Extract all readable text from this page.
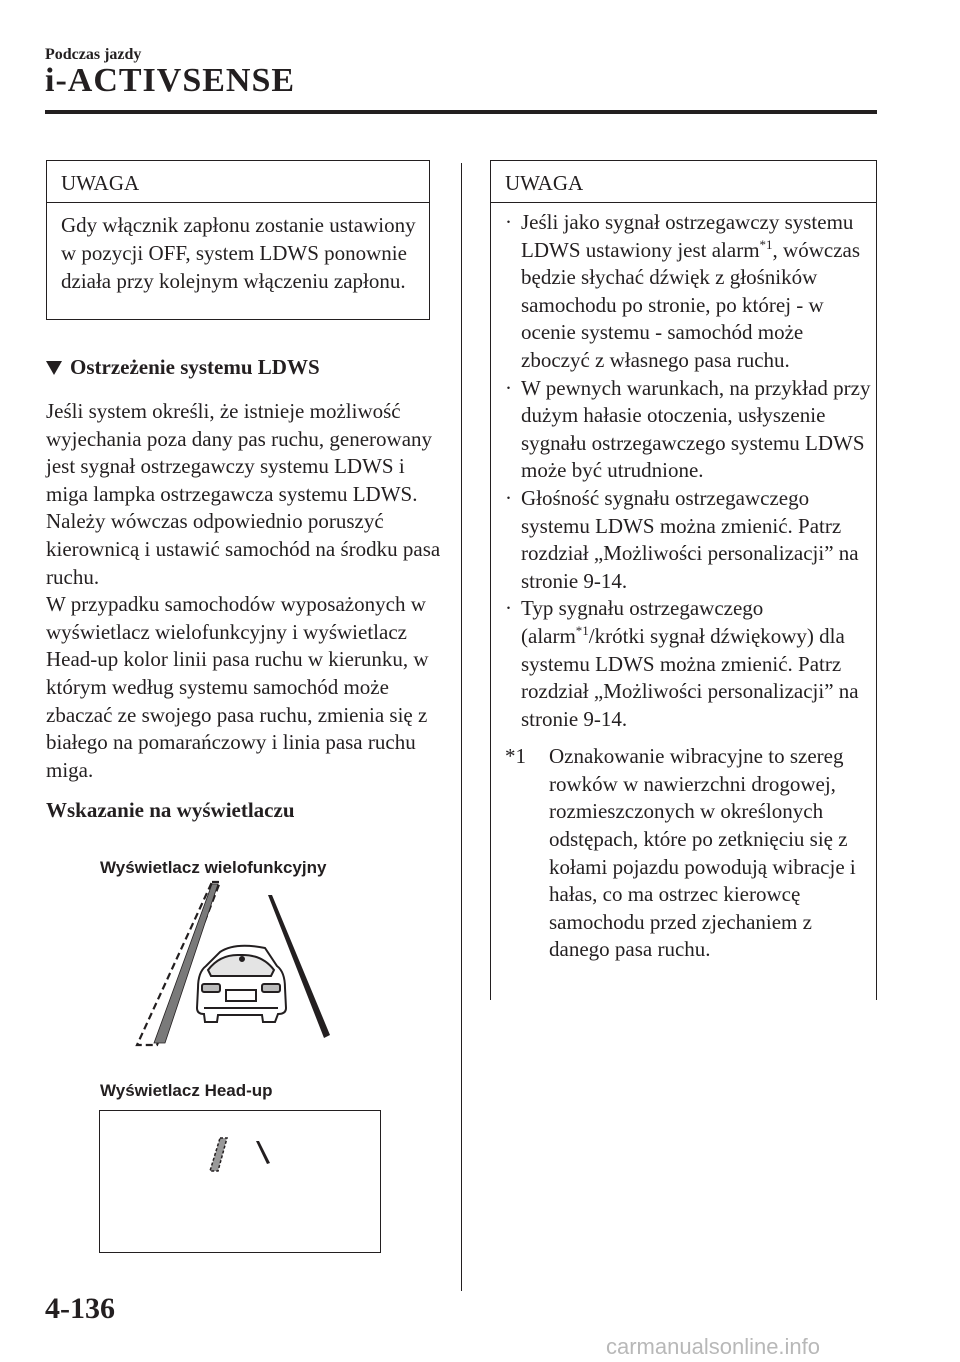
Podczas jazdy
i-ACTIVSENSE
UWAGA
Gdy włącznik zapłonu zostanie ustawiony w pozycji OFF, system LDWS ponownie działa przy kolejnym włączeniu zapłonu.
Ostrzeżenie systemu LDWS
Jeśli system określi, że istnieje możliwość wyjechania poza dany pas ruchu, generowany jest sygnał ostrzegawczy systemu LDWS i miga lampka ostrzegawcza systemu LDWS. Należy wówczas odpowiednio poruszyć kierownicą i ustawić samochód na środku pasa ruchu.
W przypadku samochodów wyposażonych w wyświetlacz wielofunkcyjny i wyświetlacz Head-up kolor linii pasa ruchu w kierunku, w którym według systemu samochód może zbaczać ze swojego pasa ruchu, zmienia się z białego na pomarańczowy i linia pasa ruchu miga.
Wskazanie na wyświetlaczu
Wyświetlacz wielofunkcyjny
Wyświetlacz Head-up
UWAGA
· Jeśli jako sygnał ostrzegawczy systemu LDWS ustawiony jest alarm$^{*1}$, wówczas będzie słychać dźwięk z głośników samochodu po stronie, po której - w ocenie systemu - samochód może zboczyć z własnego pasa ruchu.
· W pewnych warunkach, na przykład przy dużym hałasie otoczenia, usłyszenie sygnału ostrzegawczego systemu LDWS może być utrudnione.
· Głośność sygnału ostrzegawczego systemu LDWS można zmienić. Patrz rozdział „Możliwości personalizacji” na stronie 9-14.
· Typ sygnału ostrzegawczego (alarm$^{*1}$/krótki sygnał dźwiękowy) dla systemu LDWS można zmienić. Patrz rozdział „Możliwości personalizacji” na stronie 9-14.
*1	Oznakowanie wibracyjne to szereg rowków w nawierzchni drogowej, rozmieszczonych w określonych odstępach, które po zetknięciu się z kołami pojazdu powodują wibracje i hałas, co ma ostrzec kierowcę samochodu przed zjechaniem z danego pasa ruchu.
4-136
carmanualsonline.info
